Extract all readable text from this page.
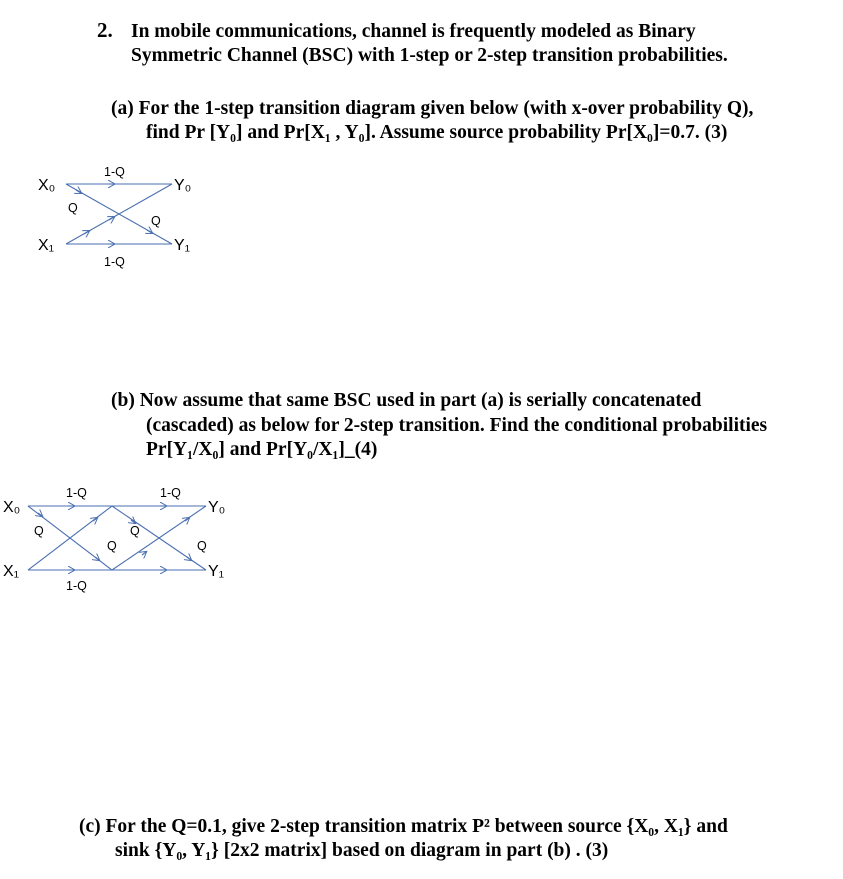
2. In mobile communications, channel is frequently modeled as Binary
Symmetric Channel (BSC) with 1-step or 2-step transition probabilities.
(a) For the 1-step transition diagram given below (with x-over probability Q),
find Pr [Y₀] and Pr[X₁ , Y₀]. Assume source probability Pr[X₀]=0.7. (3)
X₀
X₁
Y₀
Y₁
1-Q
1-Q
Q
Q
X₀
X₁
Y₀
Y₁
1-Q
1-Q
1-Q
Q
Q
Q
Q
(b) Now assume that same BSC used in part (a) is serially concatenated
(cascaded) as below for 2-step transition. Find the conditional probabilities
Pr[Y₁/X₀] and Pr[Y₀/X₁]_(4)
(c) For the Q=0.1, give 2-step transition matrix P² between source {X₀, X₁} and
sink {Y₀, Y₁} [2x2 matrix] based on diagram in part (b) . (3)
